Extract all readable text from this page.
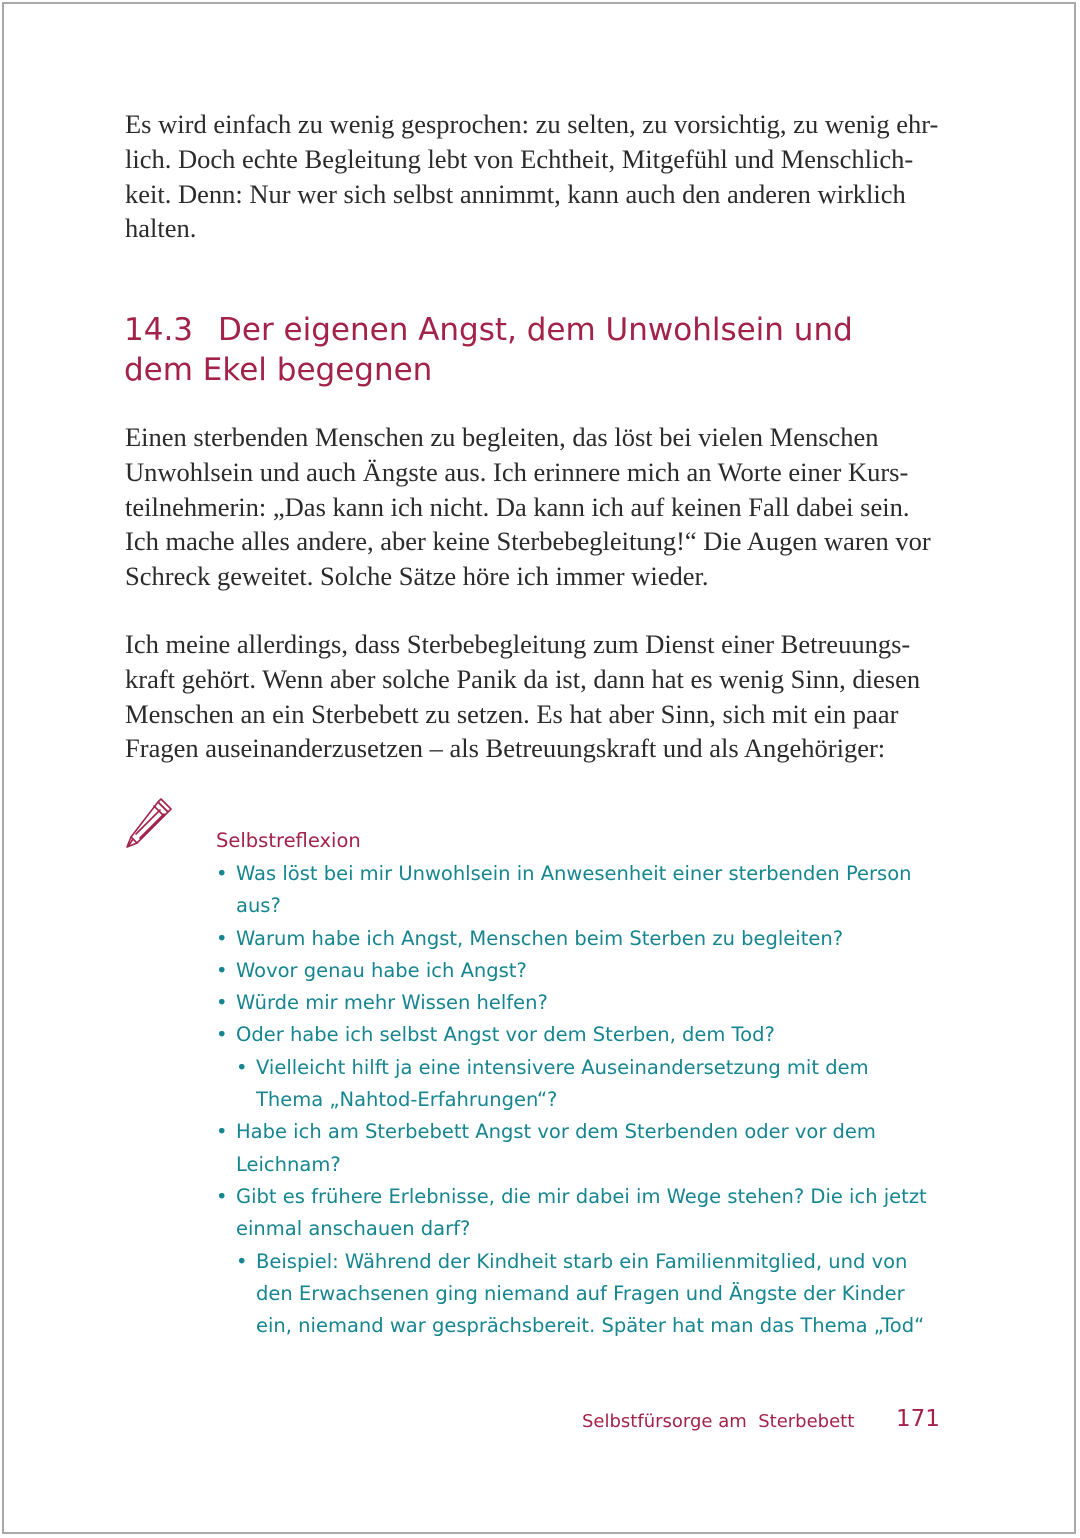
Es wird einfach zu wenig gesprochen: zu selten, zu vorsichtig, zu wenig ehr-
lich. Doch echte Begleitung lebt von Echtheit, Mitgefühl und Menschlich-
keit. Denn: Nur wer sich selbst annimmt, kann auch den anderen wirklich
halten.

14.3 Der eigenen Angst, dem Unwohlsein und
dem Ekel begegnen

Einen sterbenden Menschen zu begleiten, das löst bei vielen Menschen
Unwohlsein und auch Ängste aus. Ich erinnere mich an Worte einer Kurs-
teilnehmerin: „Das kann ich nicht. Da kann ich auf keinen Fall dabei sein.
Ich mache alles andere, aber keine Sterbebegleitung!“ Die Augen waren vor
Schreck geweitet. Solche Sätze höre ich immer wieder.

Ich meine allerdings, dass Sterbebegleitung zum Dienst einer Betreuungs-
kraft gehört. Wenn aber solche Panik da ist, dann hat es wenig Sinn, diesen
Menschen an ein Sterbebett zu setzen. Es hat aber Sinn, sich mit ein paar
Fragen auseinanderzusetzen – als Betreuungskraft und als Angehöriger:

Selbstreflexion
• Was löst bei mir Unwohlsein in Anwesenheit einer sterbenden Person
aus?
• Warum habe ich Angst, Menschen beim Sterben zu begleiten?
• Wovor genau habe ich Angst?
• Würde mir mehr Wissen helfen?
• Oder habe ich selbst Angst vor dem Sterben, dem Tod?
• Vielleicht hilft ja eine intensivere Auseinandersetzung mit dem
Thema „Nahtod-Erfahrungen“?
• Habe ich am Sterbebett Angst vor dem Sterbenden oder vor dem
Leichnam?
• Gibt es frühere Erlebnisse, die mir dabei im Wege stehen? Die ich jetzt
einmal anschauen darf?
• Beispiel: Während der Kindheit starb ein Familienmitglied, und von
den Erwachsenen ging niemand auf Fragen und Ängste der Kinder
ein, niemand war gesprächsbereit. Später hat man das Thema „Tod“
Selbstfürsorge am  Sterbebett 171
